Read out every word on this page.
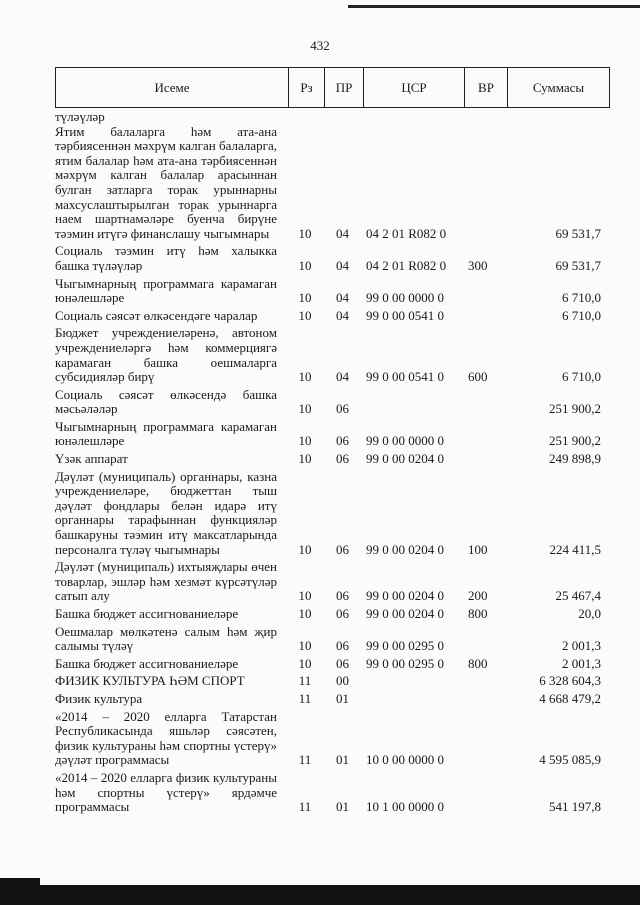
432
Исеме	Рз	ПР	ЦСР	ВР	Суммасы
түләүләр
Ятим балаларга һәм ата-ана тәрбиясеннән мәхрүм калган балаларга, ятим балалар һәм ата-ана тәрбиясеннән мәхрүм калган балалар арасыннан булган затларга торак урыннарны махсуслаштырылган торак урыннарга наем шартнамәләре буенча бирүне тәэмин итүгә финанслашу чыгымнары	10	04	04 2 01 R082 0	69 531,7
Социаль тәэмин итү һәм халыкка башка түләүләр	10	04	04 2 01 R082 0	300	69 531,7
Чыгымнарның программага карамаган юнәлешләре	10	04	99 0 00 0000 0	6 710,0
Социаль сәясәт өлкәсендәге чаралар	10	04	99 0 00 0541 0	6 710,0
Бюджет учреждениеләренә, автоном учреждениеләргә һәм коммерциягә карамаган башка оешмаларга субсидияләр бирү	10	04	99 0 00 0541 0	600	6 710,0
Социаль сәясәт өлкәсендә башка мәсьәләләр	10	06	251 900,2
Чыгымнарның программага карамаган юнәлешләре	10	06	99 0 00 0000 0	251 900,2
Үзәк аппарат	10	06	99 0 00 0204 0	249 898,9
Дәүләт (муниципаль) органнары, казна учреждениеләре, бюджеттан тыш дәүләт фондлары белән идарә итү органнары тарафыннан функцияләр башкаруны тәэмин итү максатларында персоналга түләү чыгымнары	10	06	99 0 00 0204 0	100	224 411,5
Дәүләт (муниципаль) ихтыяҗлары өчен товарлар, эшләр һәм хезмәт күрсәтүләр сатып алу	10	06	99 0 00 0204 0	200	25 467,4
Башка бюджет ассигнованиеләре	10	06	99 0 00 0204 0	800	20,0
Оешмалар мөлкәтенә салым һәм җир салымы түләү	10	06	99 0 00 0295 0	2 001,3
Башка бюджет ассигнованиеләре	10	06	99 0 00 0295 0	800	2 001,3
ФИЗИК КУЛЬТУРА ҺӘМ СПОРТ	11	00	6 328 604,3
Физик культура	11	01	4 668 479,2
«2014 – 2020 елларга Татарстан Республикасында яшьләр сәясәтен, физик культураны һәм спортны үстерү» дәүләт программасы	11	01	10 0 00 0000 0	4 595 085,9
«2014 – 2020 елларга физик культураны һәм спортны үстерү» ярдәмче программасы	11	01	10 1 00 0000 0	541 197,8
